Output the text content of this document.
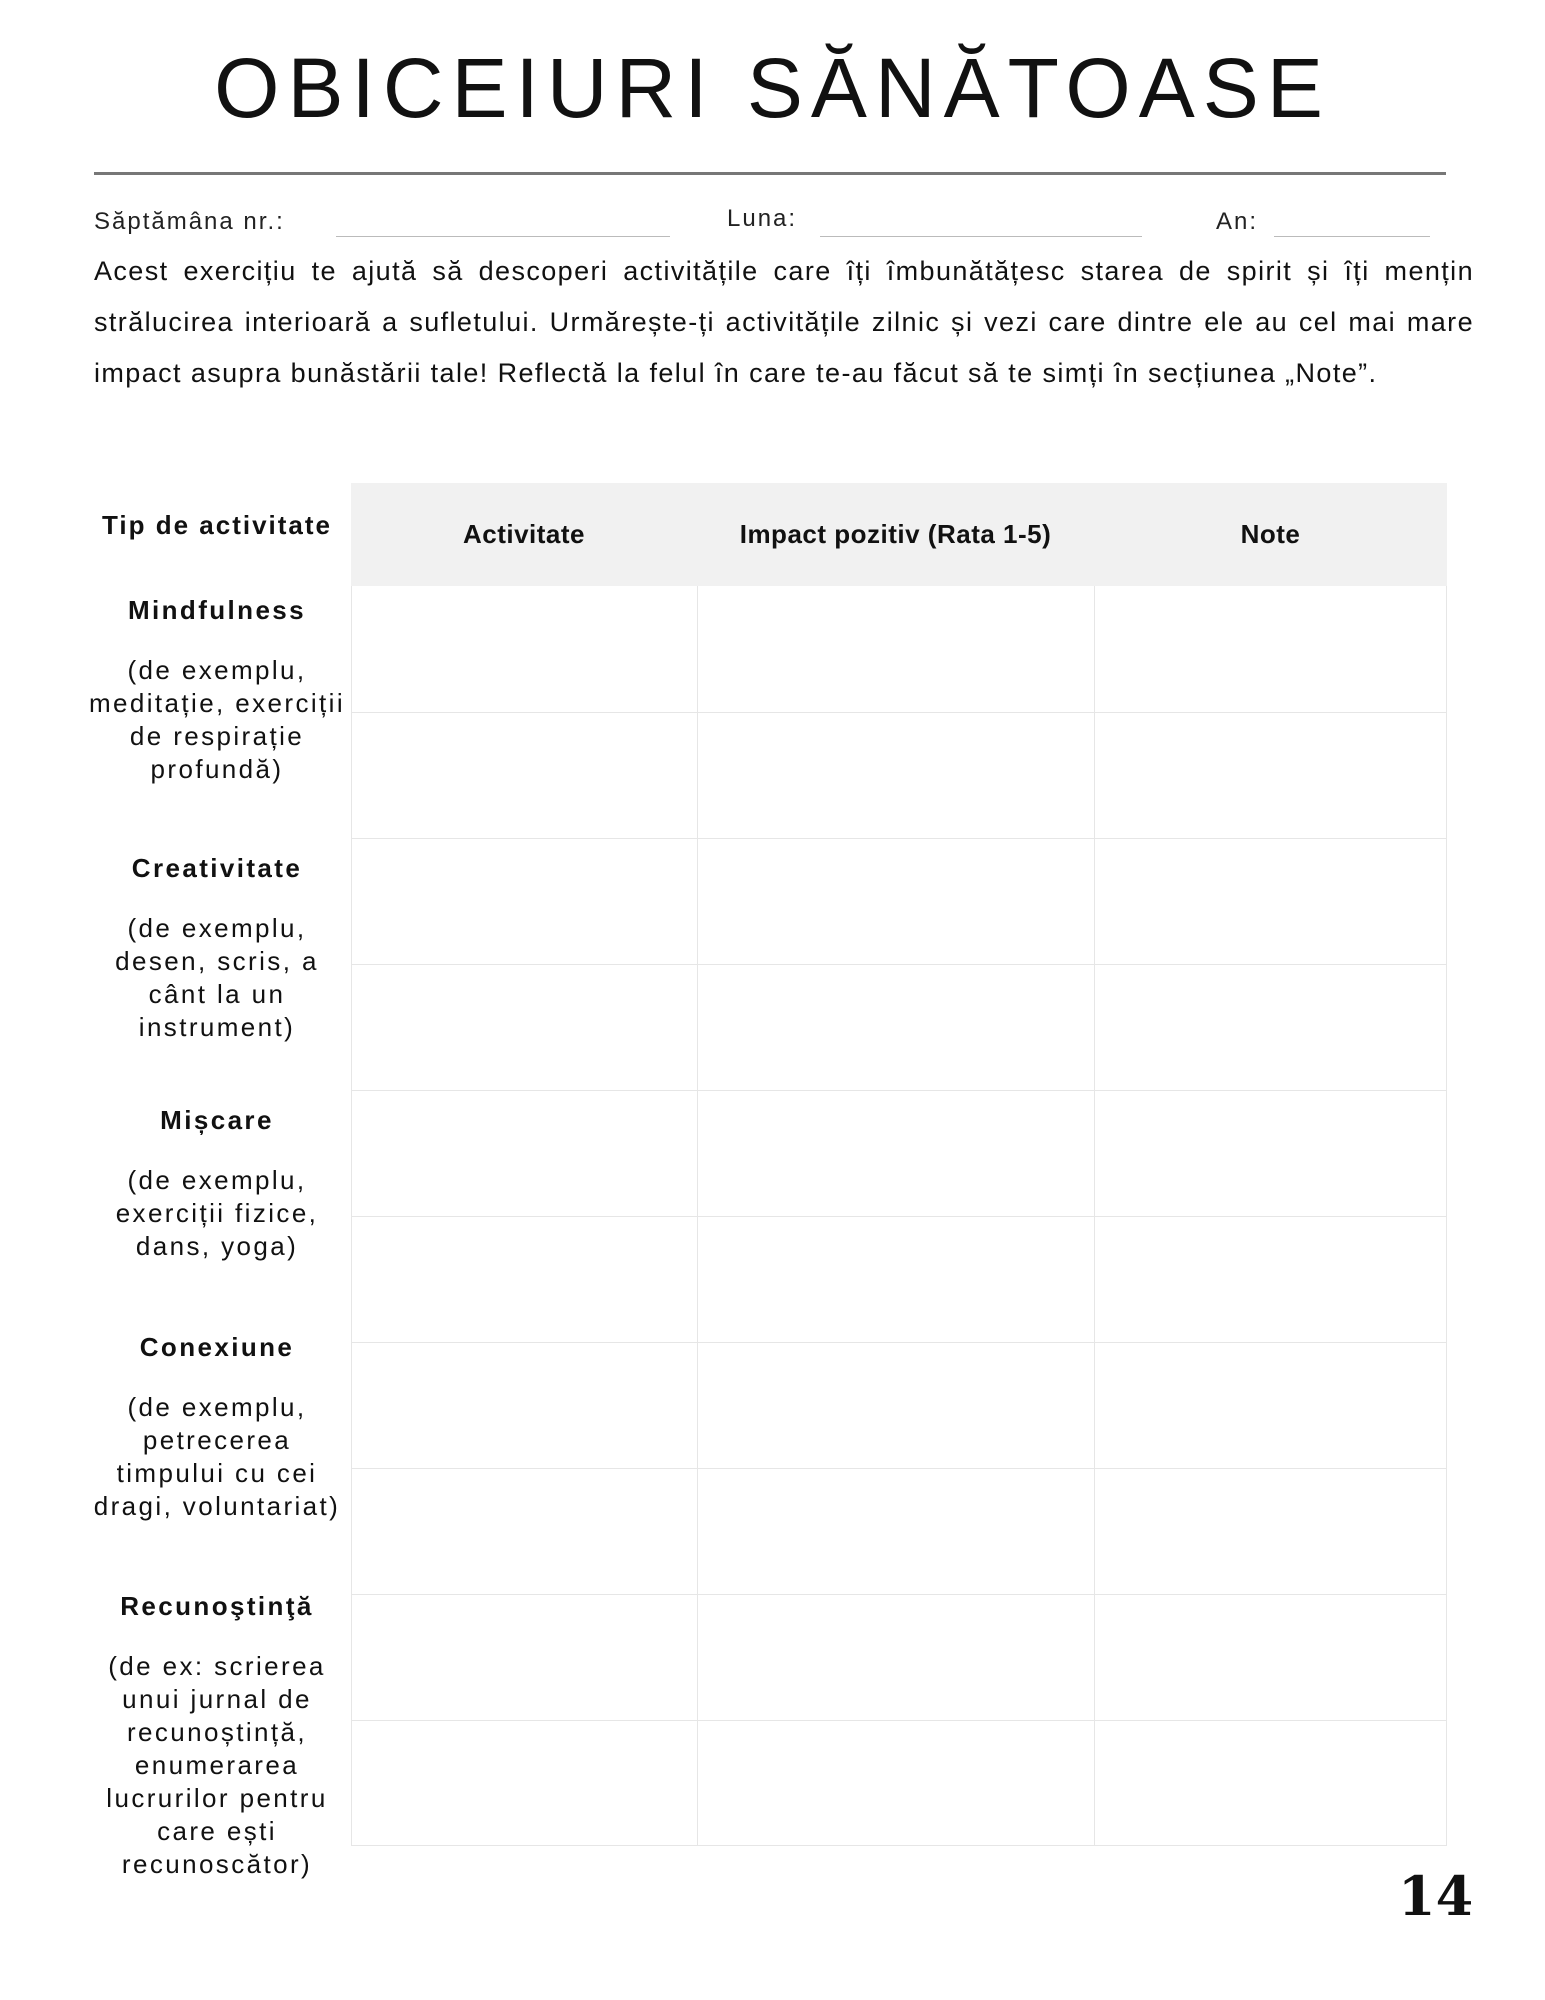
OBICEIURI SĂNĂTOASE
Săptămâna nr.:	Luna:	An:

Acest exercițiu te ajută să descoperi activitățile care îți îmbunătățesc starea de spirit și îți mențin strălucirea interioară a sufletului. Urmărește-ți activitățile zilnic și vezi care dintre ele au cel mai mare impact asupra bunăstării tale! Reflectă la felul în care te-au făcut să te simți în secțiunea „Note”.

Tip de activitate	Activitate	Impact pozitiv (Rata 1-5)	Note

Mindfulness

(de exemplu, meditație, exerciții de respirație profundă)

Creativitate

(de exemplu, desen, scris, a cânt la un instrument)

Mișcare

(de exemplu, exerciții fizice, dans, yoga)

Conexiune

(de exemplu, petrecerea timpului cu cei dragi, voluntariat)

Recunoştinţă

(de ex: scrierea unui jurnal de recunoștință, enumerarea lucrurilor pentru care ești recunoscător)	14
